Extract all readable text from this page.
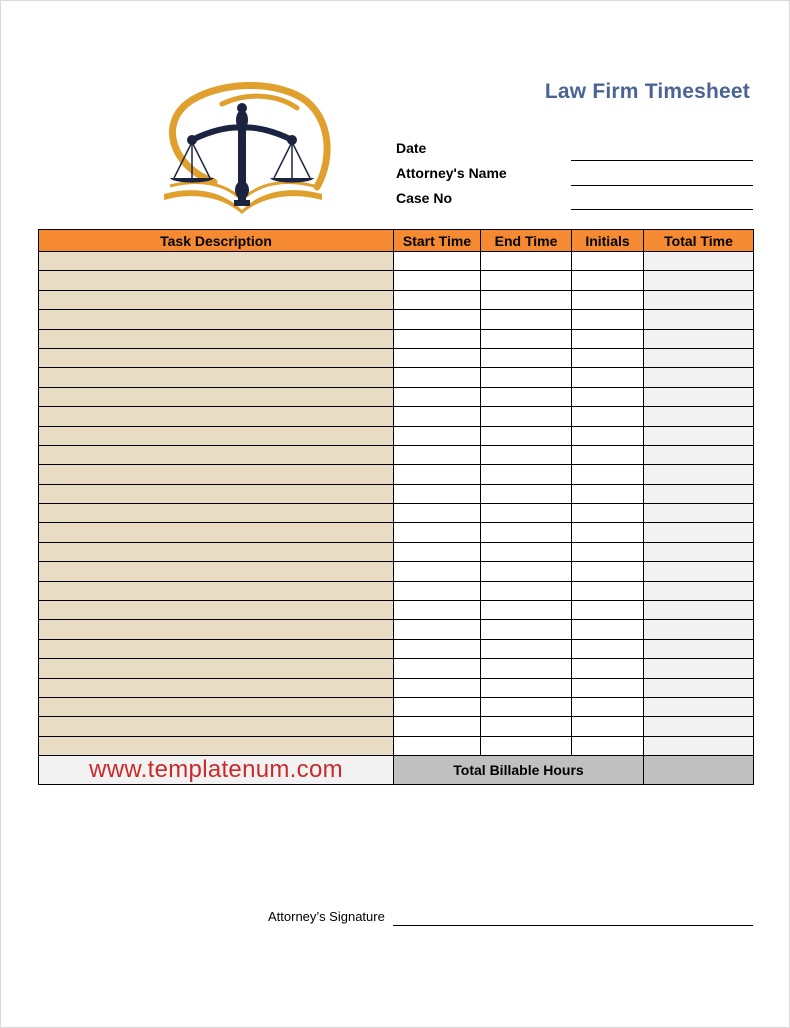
Law Firm Timesheet
Date
Attorney's Name
Case No
Task Description	Start Time	End Time	Initials	Total Time

www.templatenum.com	Total Billable Hours			
Attorney’s Signature
